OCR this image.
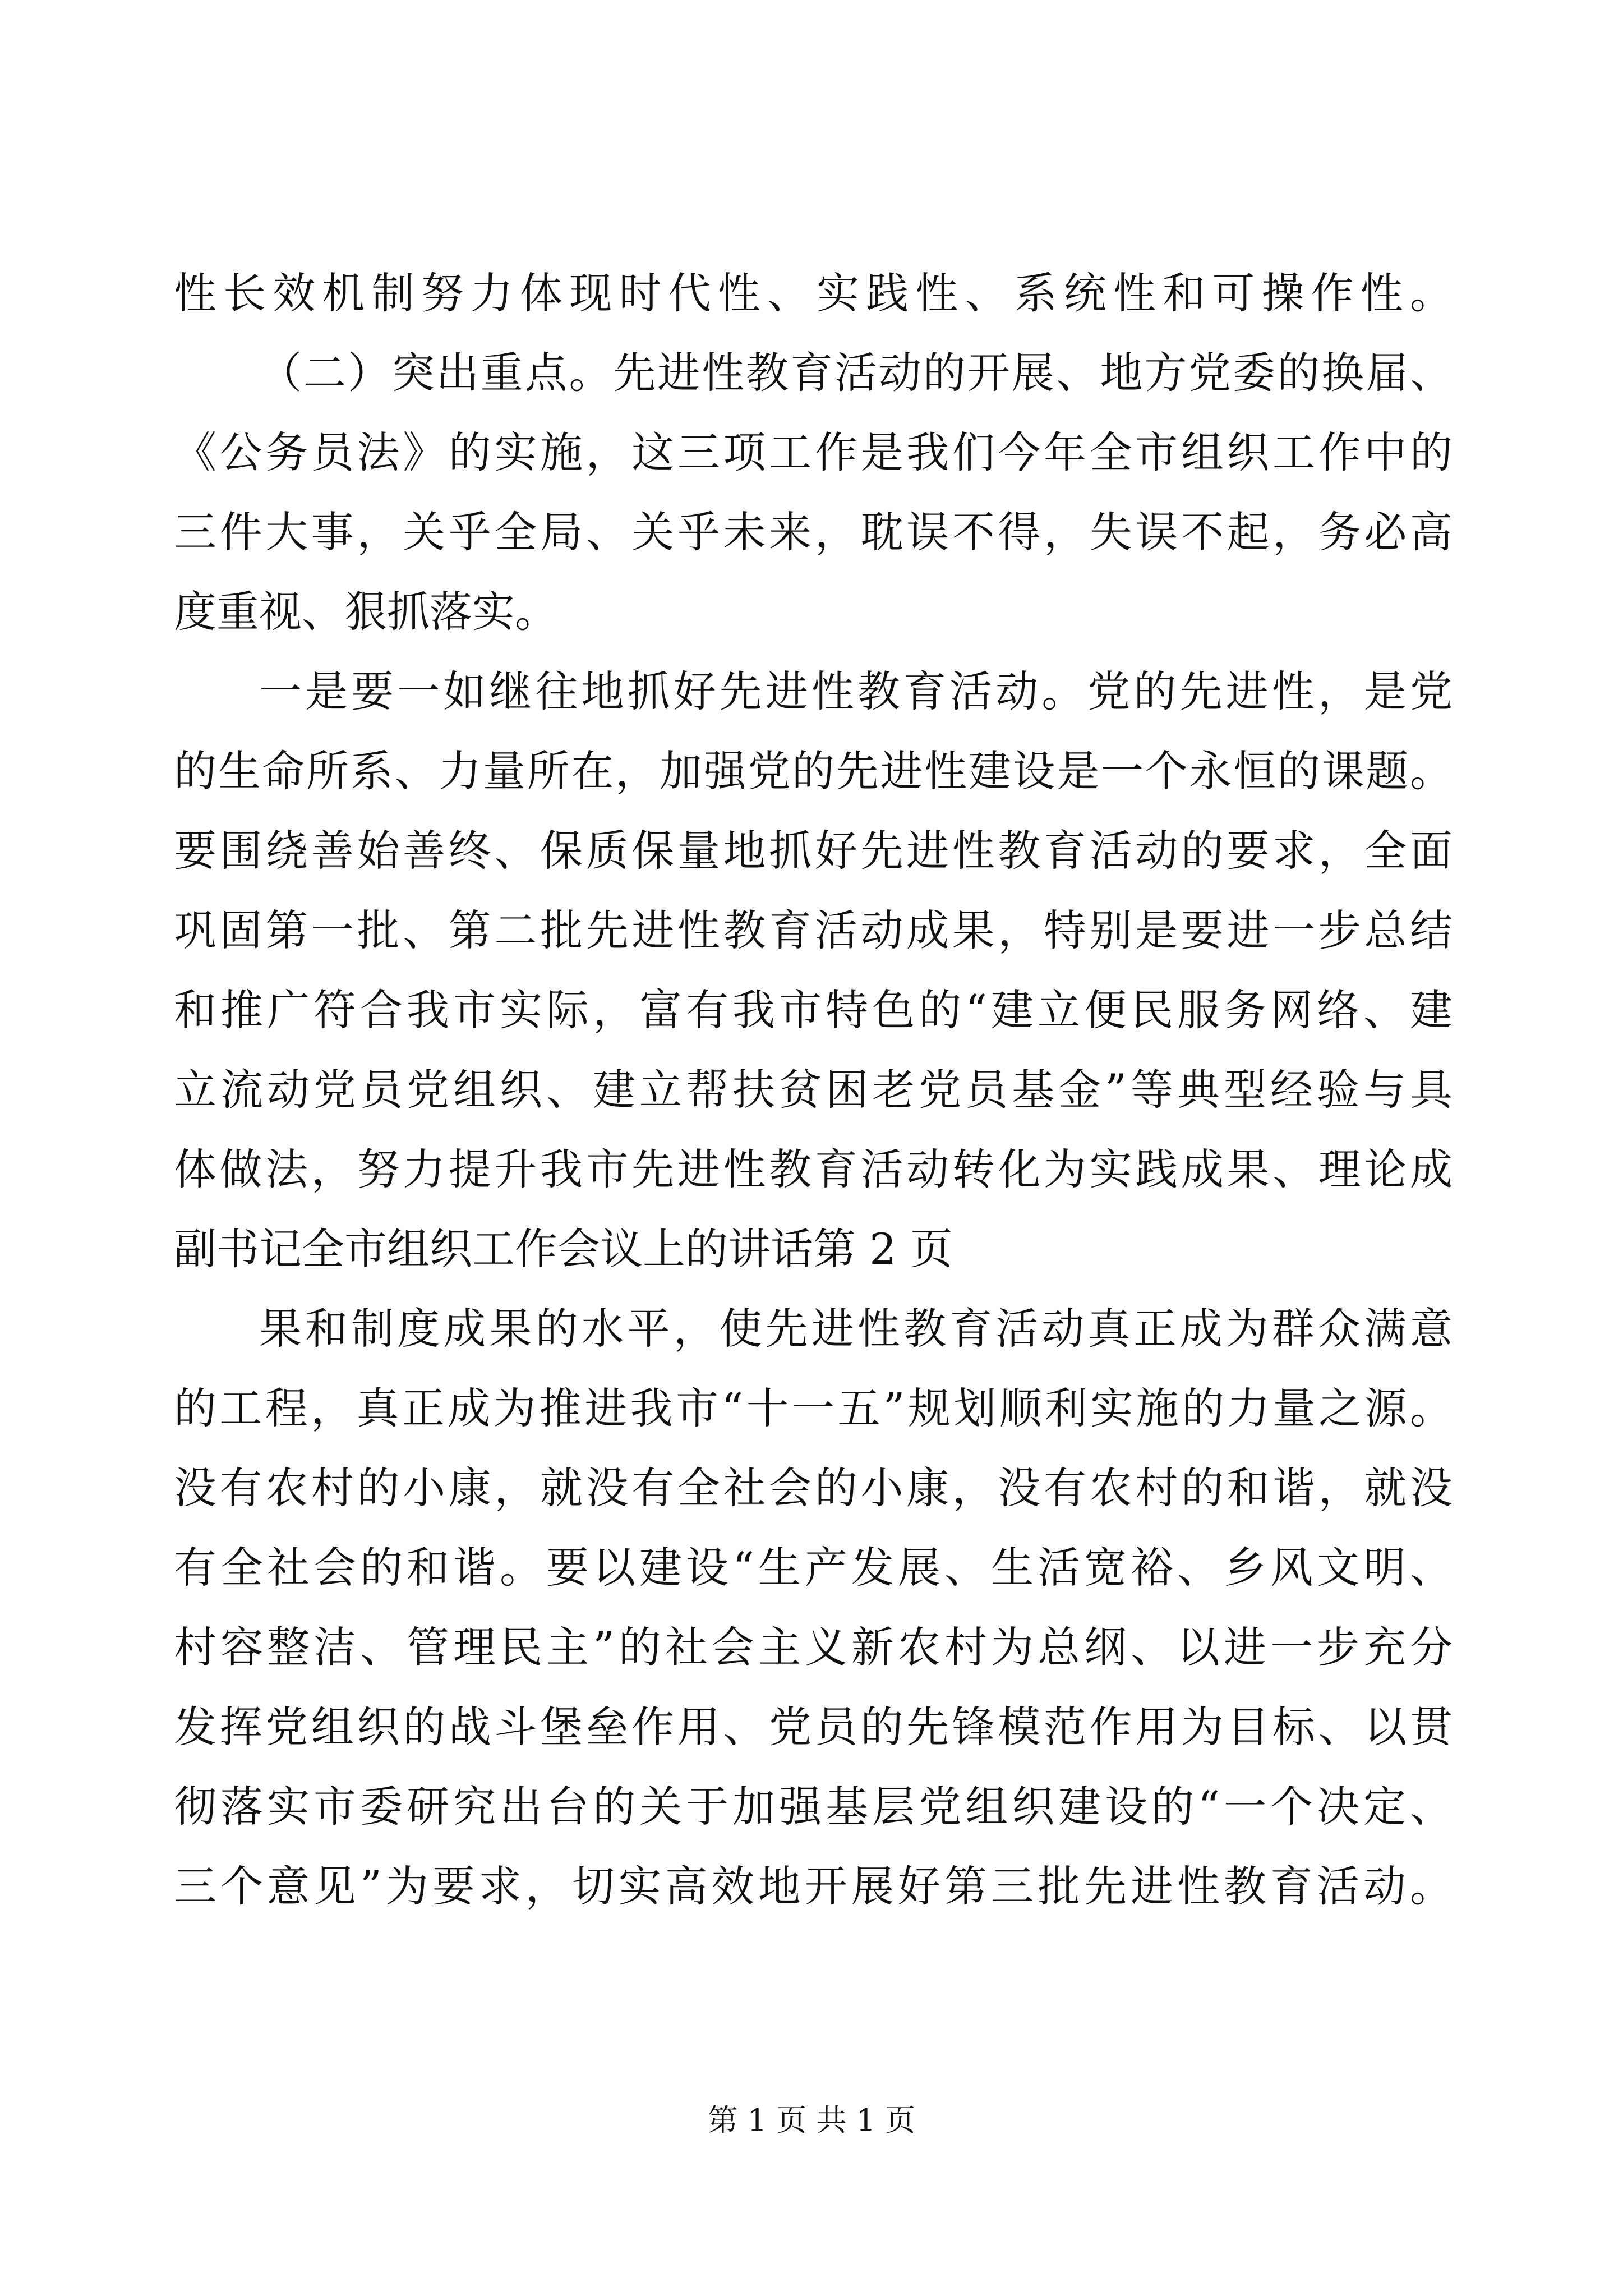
性长效机制努力体现时代性、实践性、系统性和可操作性。
（二）突出重点。先进性教育活动的开展、地方党委的换届、
《公务员法》的实施，这三项工作是我们今年全市组织工作中的
三件大事，关乎全局、关乎未来，耽误不得，失误不起，务必高
度重视、狠抓落实。
一是要一如继往地抓好先进性教育活动。党的先进性，是党
的生命所系、力量所在，加强党的先进性建设是一个永恒的课题。
要围绕善始善终、保质保量地抓好先进性教育活动的要求，全面
巩固第一批、第二批先进性教育活动成果，特别是要进一步总结
和推广符合我市实际，富有我市特色的“建立便民服务网络、建
立流动党员党组织、建立帮扶贫困老党员基金”等典型经验与具
体做法，努力提升我市先进性教育活动转化为实践成果、理论成
副书记全市组织工作会议上的讲话第 2 页
果和制度成果的水平，使先进性教育活动真正成为群众满意
的工程，真正成为推进我市“十一五”规划顺利实施的力量之源。
没有农村的小康，就没有全社会的小康，没有农村的和谐，就没
有全社会的和谐。要以建设“生产发展、生活宽裕、乡风文明、
村容整洁、管理民主”的社会主义新农村为总纲、以进一步充分
发挥党组织的战斗堡垒作用、党员的先锋模范作用为目标、以贯
彻落实市委研究出台的关于加强基层党组织建设的“一个决定、
三个意见”为要求，切实高效地开展好第三批先进性教育活动。
第 1 页 共 1 页
